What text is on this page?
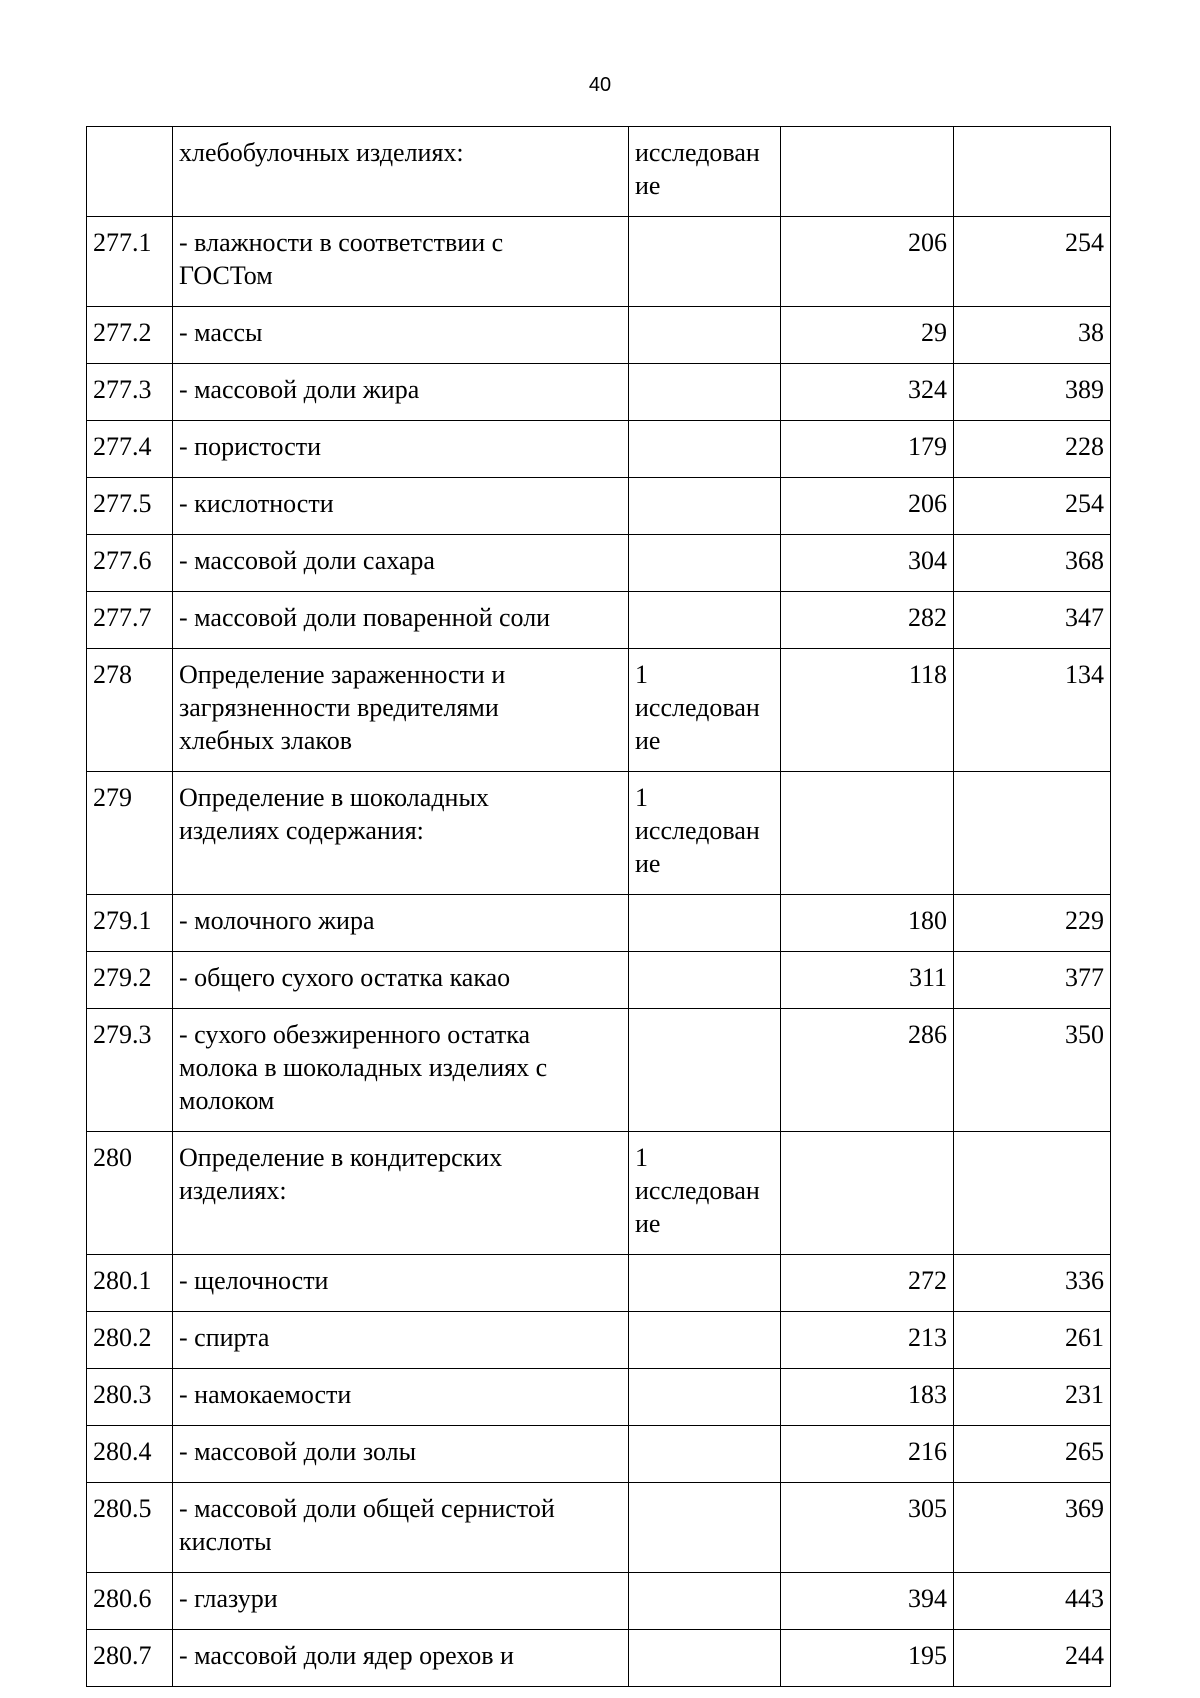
40
	хлебобулочных изделиях:	исследован
ие		
277.1	- влажности в соответствии с
ГОСТом		206	254
277.2	- массы		29	38
277.3	- массовой доли жира		324	389
277.4	- пористости		179	228
277.5	- кислотности		206	254
277.6	- массовой доли сахара		304	368
277.7	- массовой доли поваренной соли		282	347
278	Определение зараженности и
загрязненности вредителями
хлебных злаков	1
исследован
ие	118	134
279	Определение в шоколадных
изделиях содержания:	1
исследован
ие		
279.1	- молочного жира		180	229
279.2	- общего сухого остатка какао		311	377
279.3	- сухого обезжиренного остатка
молока в шоколадных изделиях с
молоком		286	350
280	Определение в кондитерских
изделиях:	1
исследован
ие		
280.1	- щелочности		272	336
280.2	- спирта		213	261
280.3	- намокаемости		183	231
280.4	- массовой доли золы		216	265
280.5	- массовой доли общей сернистой
кислоты		305	369
280.6	- глазури		394	443
280.7	- массовой доли ядер орехов и		195	244
